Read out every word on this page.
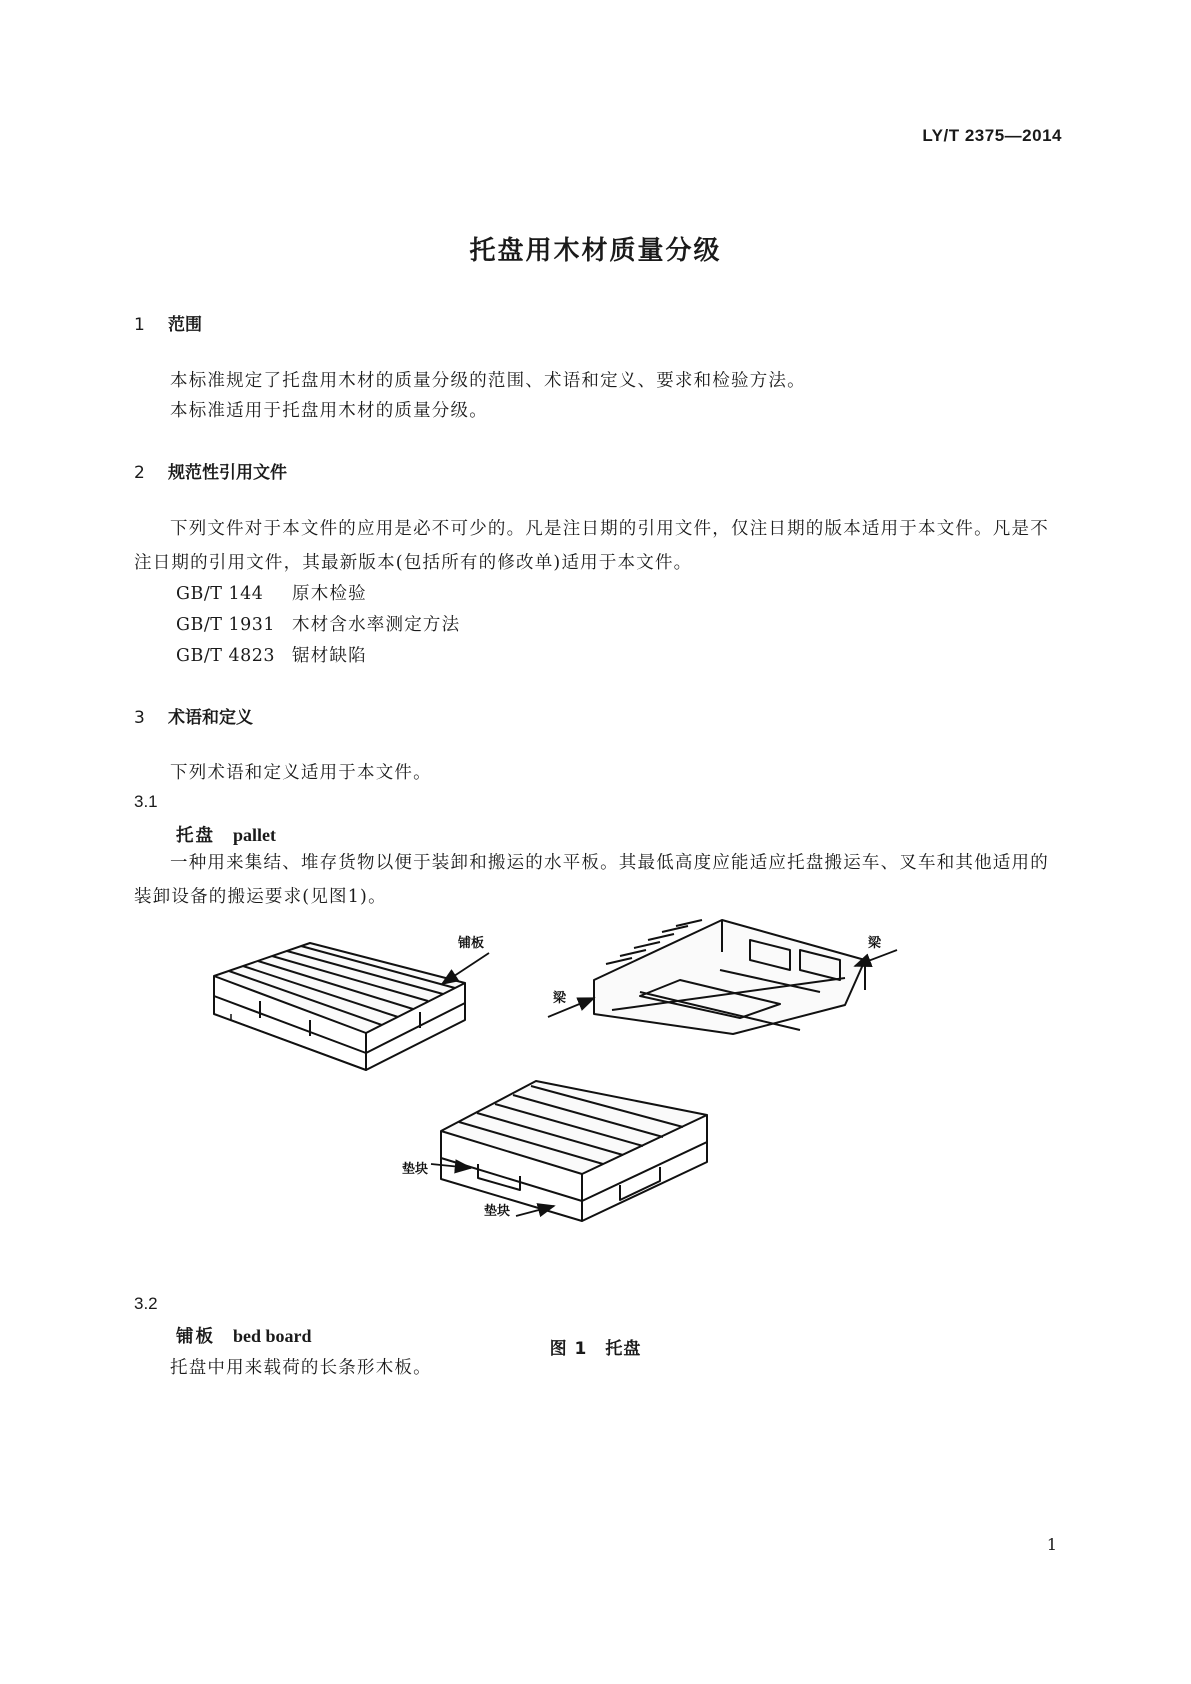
LY/T 2375—2014
托盘用木材质量分级
1 范围
本标准规定了托盘用木材的质量分级的范围、术语和定义、要求和检验方法。
本标准适用于托盘用木材的质量分级。
2 规范性引用文件
下列文件对于本文件的应用是必不可少的。凡是注日期的引用文件，仅注日期的版本适用于本文件。凡是不注日期的引用文件，其最新版本(包括所有的修改单)适用于本文件。
GB/T 144 原木检验
GB/T 1931 木材含水率测定方法
GB/T 4823 锯材缺陷
3 术语和定义
下列术语和定义适用于本文件。
3.1
托盘 pallet
一种用来集结、堆存货物以便于装卸和搬运的水平板。其最低高度应能适应托盘搬运车、叉车和其他适用的装卸设备的搬运要求(见图1)。
铺板	梁
梁
垫块
垫块
图 1　托盘
3.2
铺板 bed board
托盘中用来载荷的长条形木板。
1
